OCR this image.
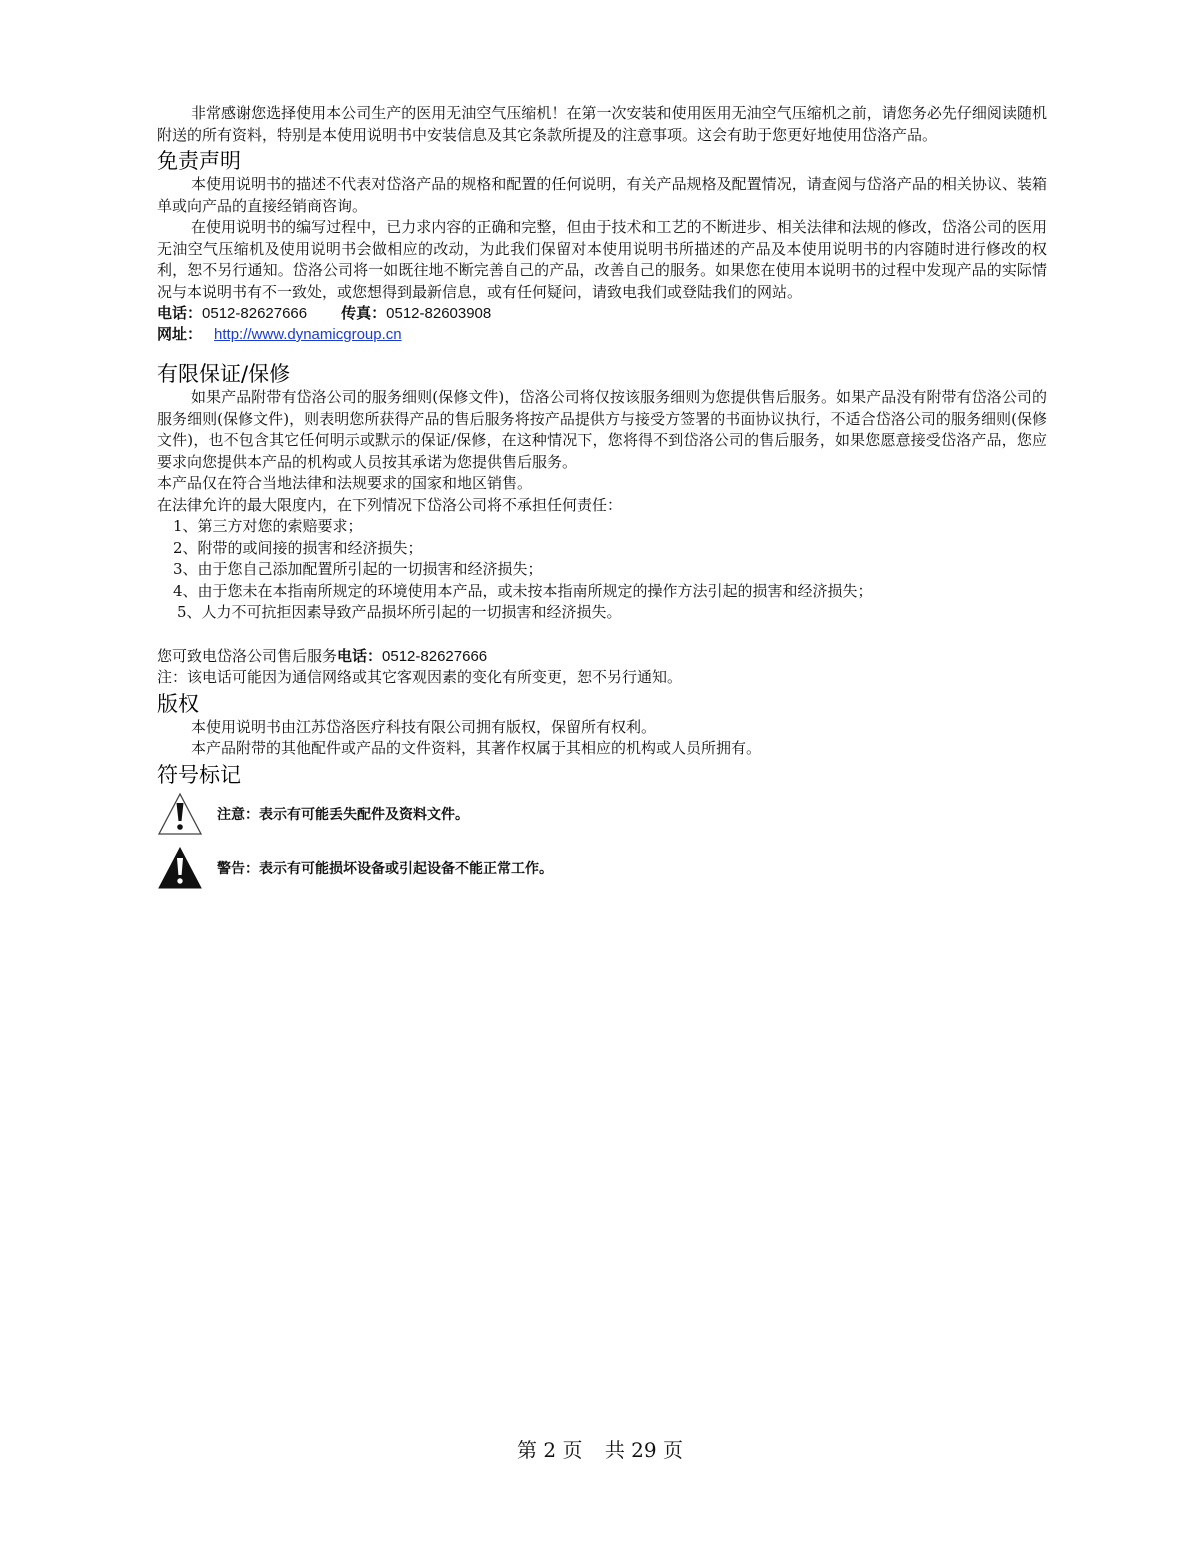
非常感谢您选择使用本公司生产的医用无油空气压缩机！在第一次安装和使用医用无油空气压缩机之前，请您务必先仔细阅读随机附送的所有资料，特别是本使用说明书中安装信息及其它条款所提及的注意事项。这会有助于您更好地使用岱洛产品。

免责声明

本使用说明书的描述不代表对岱洛产品的规格和配置的任何说明，有关产品规格及配置情况，请查阅与岱洛产品的相关协议、装箱单或向产品的直接经销商咨询。

在使用说明书的编写过程中，已力求内容的正确和完整，但由于技术和工艺的不断进步、相关法律和法规的修改，岱洛公司的医用无油空气压缩机及使用说明书会做相应的改动，为此我们保留对本使用说明书所描述的产品及本使用说明书的内容随时进行修改的权利，恕不另行通知。岱洛公司将一如既往地不断完善自己的产品，改善自己的服务。如果您在使用本说明书的过程中发现产品的实际情况与本说明书有不一致处，或您想得到最新信息，或有任何疑问，请致电我们或登陆我们的网站。

电话：0512-82627666 传真：0512-82603908

网址： http://www.dynamicgroup.cn

有限保证/保修

如果产品附带有岱洛公司的服务细则(保修文件)，岱洛公司将仅按该服务细则为您提供售后服务。如果产品没有附带有岱洛公司的服务细则(保修文件)，则表明您所获得产品的售后服务将按产品提供方与接受方签署的书面协议执行，不适合岱洛公司的服务细则(保修文件)，也不包含其它任何明示或默示的保证/保修，在这种情况下，您将得不到岱洛公司的售后服务，如果您愿意接受岱洛产品，您应要求向您提供本产品的机构或人员按其承诺为您提供售后服务。

本产品仅在符合当地法律和法规要求的国家和地区销售。

在法律允许的最大限度内，在下列情况下岱洛公司将不承担任何责任：

1、第三方对您的索赔要求；

2、附带的或间接的损害和经济损失；

3、由于您自己添加配置所引起的一切损害和经济损失；

4、由于您未在本指南所规定的环境使用本产品，或未按本指南所规定的操作方法引起的损害和经济损失；

5、人力不可抗拒因素导致产品损坏所引起的一切损害和经济损失。

您可致电岱洛公司售后服务电话：0512-82627666

注：该电话可能因为通信网络或其它客观因素的变化有所变更，恕不另行通知。

版权

本使用说明书由江苏岱洛医疗科技有限公司拥有版权，保留所有权利。

本产品附带的其他配件或产品的文件资料，其著作权属于其相应的机构或人员所拥有。

符号标记
注意：表示有可能丢失配件及资料文件。
警告：表示有可能损坏设备或引起设备不能正常工作。
第 2 页 共 29 页
